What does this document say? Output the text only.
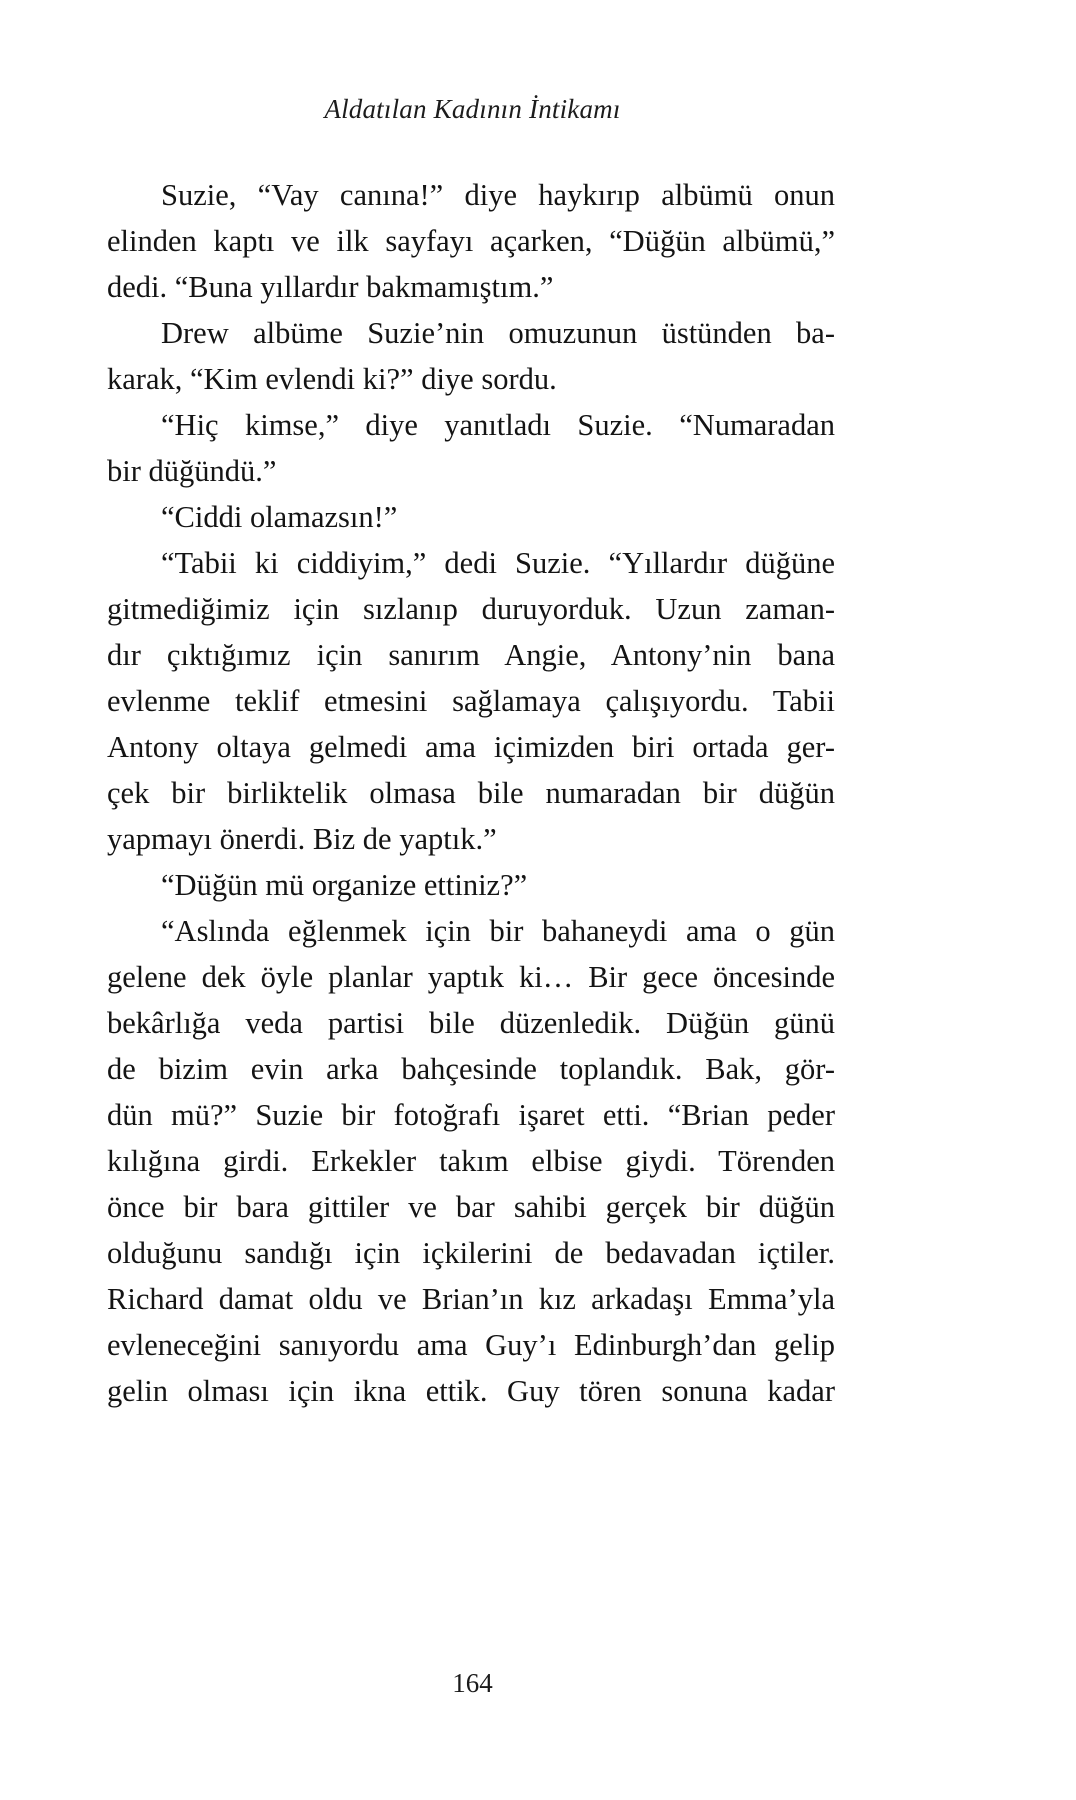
Aldatılan Kadının İntikamı
Suzie, “Vay canına!” diye haykırıp albümü onun
elinden kaptı ve ilk sayfayı açarken, “Düğün albümü,”
dedi. “Buna yıllardır bakmamıştım.”
Drew albüme Suzie’nin omuzunun üstünden ba-
karak, “Kim evlendi ki?” diye sordu.
“Hiç kimse,” diye yanıtladı Suzie. “Numaradan
bir düğündü.”
“Ciddi olamazsın!”
“Tabii ki ciddiyim,” dedi Suzie. “Yıllardır düğüne
gitmediğimiz için sızlanıp duruyorduk. Uzun zaman-
dır çıktığımız için sanırım Angie, Antony’nin bana
evlenme teklif etmesini sağlamaya çalışıyordu. Tabii
Antony oltaya gelmedi ama içimizden biri ortada ger-
çek bir birliktelik olmasa bile numaradan bir düğün
yapmayı önerdi. Biz de yaptık.”
“Düğün mü organize ettiniz?”
“Aslında eğlenmek için bir bahaneydi ama o gün
gelene dek öyle planlar yaptık ki… Bir gece öncesinde
bekârlığa veda partisi bile düzenledik. Düğün günü
de bizim evin arka bahçesinde toplandık. Bak, gör-
dün mü?” Suzie bir fotoğrafı işaret etti. “Brian peder
kılığına girdi. Erkekler takım elbise giydi. Törenden
önce bir bara gittiler ve bar sahibi gerçek bir düğün
olduğunu sandığı için içkilerini de bedavadan içtiler.
Richard damat oldu ve Brian’ın kız arkadaşı Emma’yla
evleneceğini sanıyordu ama Guy’ı Edinburgh’dan gelip
gelin olması için ikna ettik. Guy tören sonuna kadar
164
